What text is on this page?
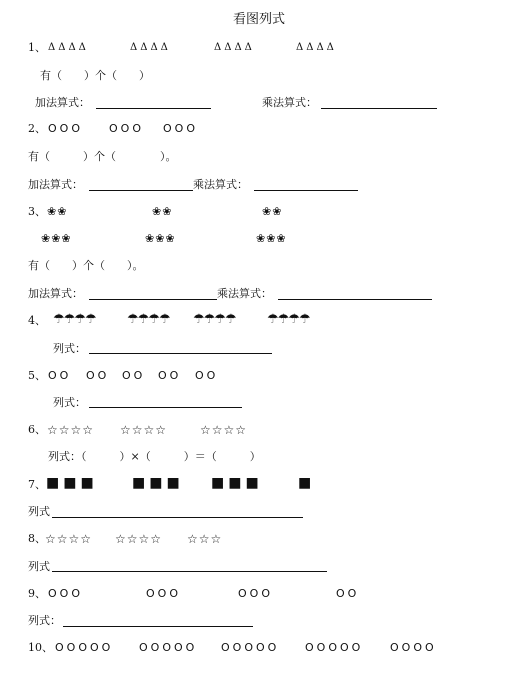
看图列式
1、 ΔΔΔΔ	ΔΔΔΔ	ΔΔΔΔ	ΔΔΔΔ
有（　　）个（　　）
加法算式：	乘法算式：
2、 OOO OOO OOO
有（　　　）个（　　　　）。
加法算式：	乘法算式：
3、 ❀❀	❀❀	❀❀
❀❀❀	❀❀❀	❀❀❀
有（　　）个（　　）。
加法算式：	乘法算式：
4、 ☂☂☂☂ ☂☂☂☂ ☂☂☂☂ ☂☂☂☂
列式：
5、 OO OO OO OO OO
列式：
6、 ☆☆☆☆ ☆☆☆☆	☆☆☆☆
列式：（　　　）×（　　　）＝（　　　）
7、 ■■■ ■■■ ■■■	■
列式
8、 ☆☆☆☆ ☆☆☆☆ ☆☆☆
列式
9、 OOO	OOO	OOO	OO
列式：
10、 OOOOO OOOOO OOOOO OOOOO OOOO
